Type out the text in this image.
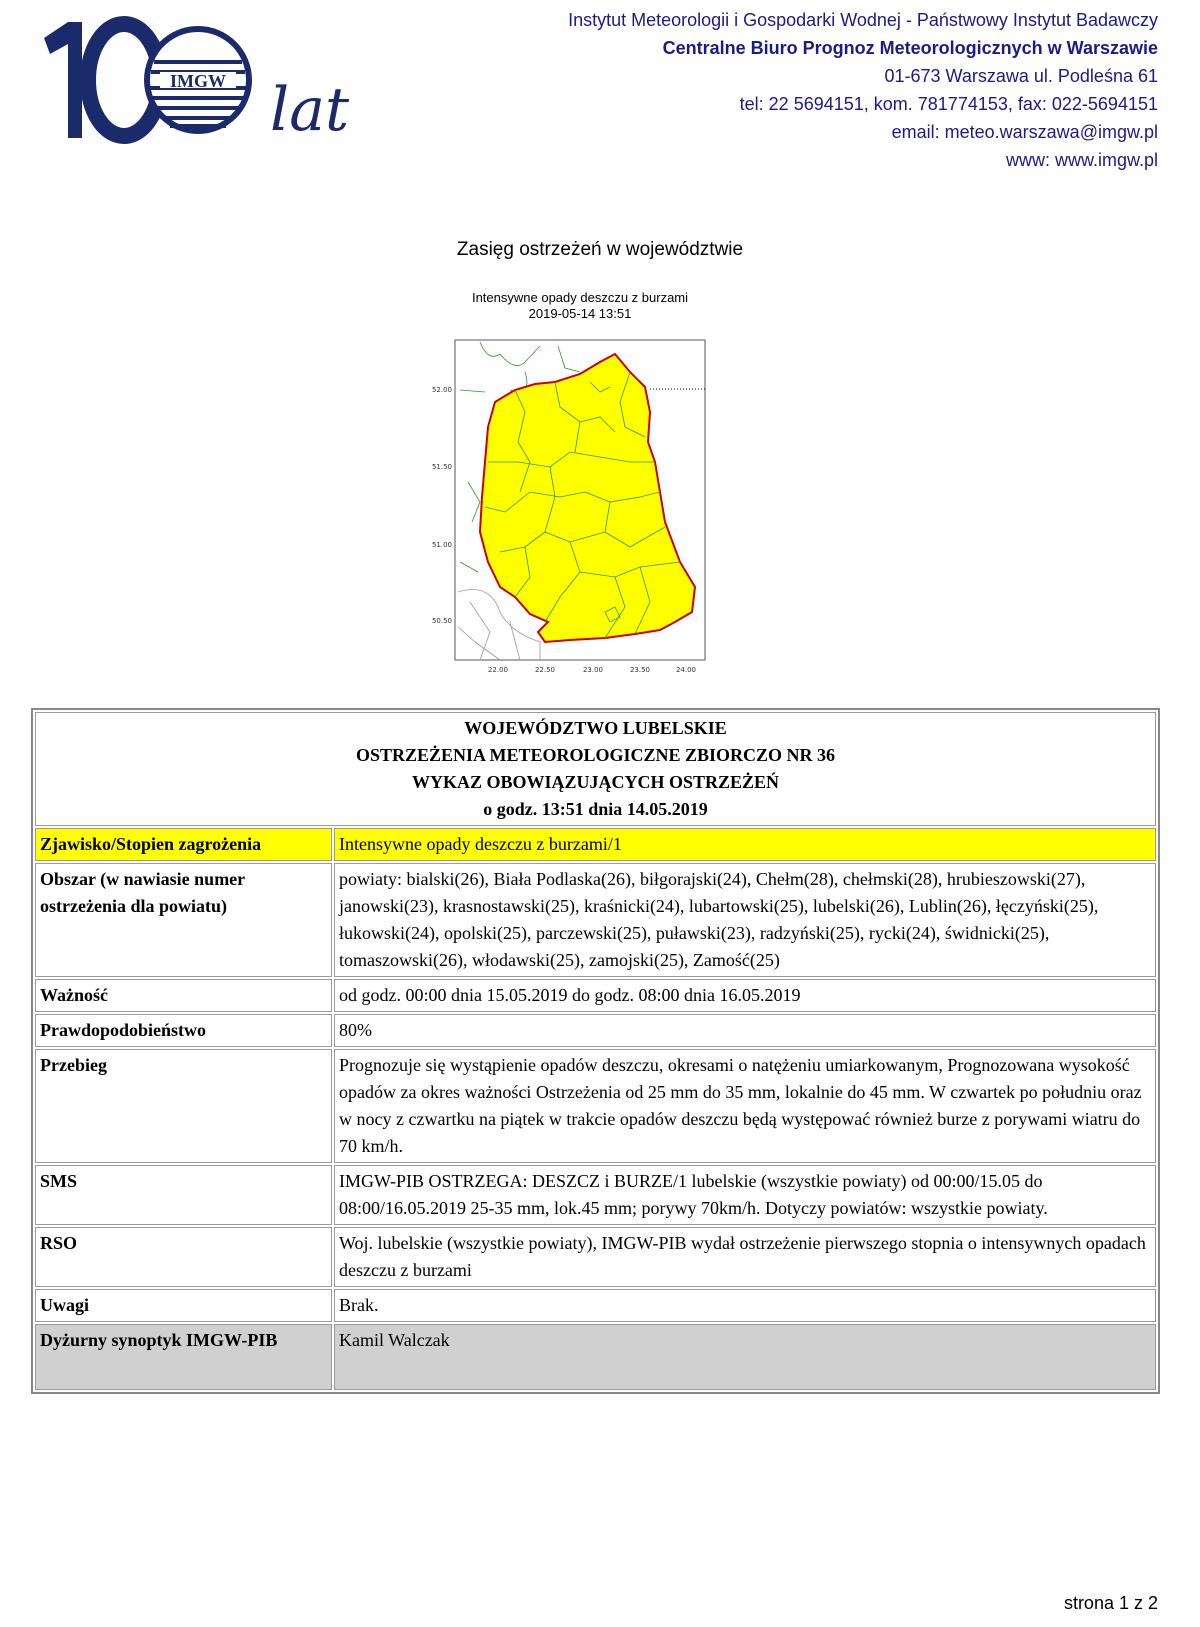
IMGW lat
Instytut Meteorologii i Gospodarki Wodnej - Państwowy Instytut Badawczy
Centralne Biuro Prognoz Meteorologicznych w Warszawie
01-673 Warszawa ul. Podleśna 61
tel: 22 5694151, kom. 781774153, fax: 022-5694151
email: meteo.warszawa@imgw.pl
www: www.imgw.pl
Zasięg ostrzeżeń w województwie
Intensywne opady deszczu z burzami
2019-05-14 13:51
52.00
51.50
51.00
50.50
22.00	22.50	23.00	23.50	24.00
WOJEWÓDZTWO LUBELSKIE
OSTRZEŻENIA METEOROLOGICZNE ZBIORCZO NR 36
WYKAZ OBOWIĄZUJĄCYCH OSTRZEŻEŃ
o godz. 13:51 dnia 14.05.2019	

Zjawisko/Stopien zagrożenia	Intensywne opady deszczu z burzami/1
Obszar (w nawiasie numer ostrzeżenia dla powiatu)	powiaty: bialski(26), Biała Podlaska(26), biłgorajski(24), Chełm(28), chełmski(28), hrubieszowski(27), janowski(23), krasnostawski(25), kraśnicki(24), lubartowski(25), lubelski(26), Lublin(26), łęczyński(25), łukowski(24), opolski(25), parczewski(25), puławski(23), radzyński(25), rycki(24), świdnicki(25), tomaszowski(26), włodawski(25), zamojski(25), Zamość(25)
Ważność	od godz. 00:00 dnia 15.05.2019 do godz. 08:00 dnia 16.05.2019
Prawdopodobieństwo	80%
Przebieg	Prognozuje się wystąpienie opadów deszczu, okresami o natężeniu umiarkowanym, Prognozowana wysokość opadów za okres ważności Ostrzeżenia od 25 mm do 35 mm, lokalnie do 45 mm. W czwartek po południu oraz w nocy z czwartku na piątek w trakcie opadów deszczu będą występować również burze z porywami wiatru do 70 km/h.
SMS	IMGW-PIB OSTRZEGA: DESZCZ i BURZE/1 lubelskie (wszystkie powiaty) od 00:00/15.05 do 08:00/16.05.2019 25-35 mm, lok.45 mm; porywy 70km/h. Dotyczy powiatów: wszystkie powiaty.
RSO	Woj. lubelskie (wszystkie powiaty), IMGW-PIB wydał ostrzeżenie pierwszego stopnia o intensywnych opadach deszczu z burzami
Uwagi	Brak.
Dyżurny synoptyk IMGW-PIB	Kamil Walczak
strona 1 z 2
